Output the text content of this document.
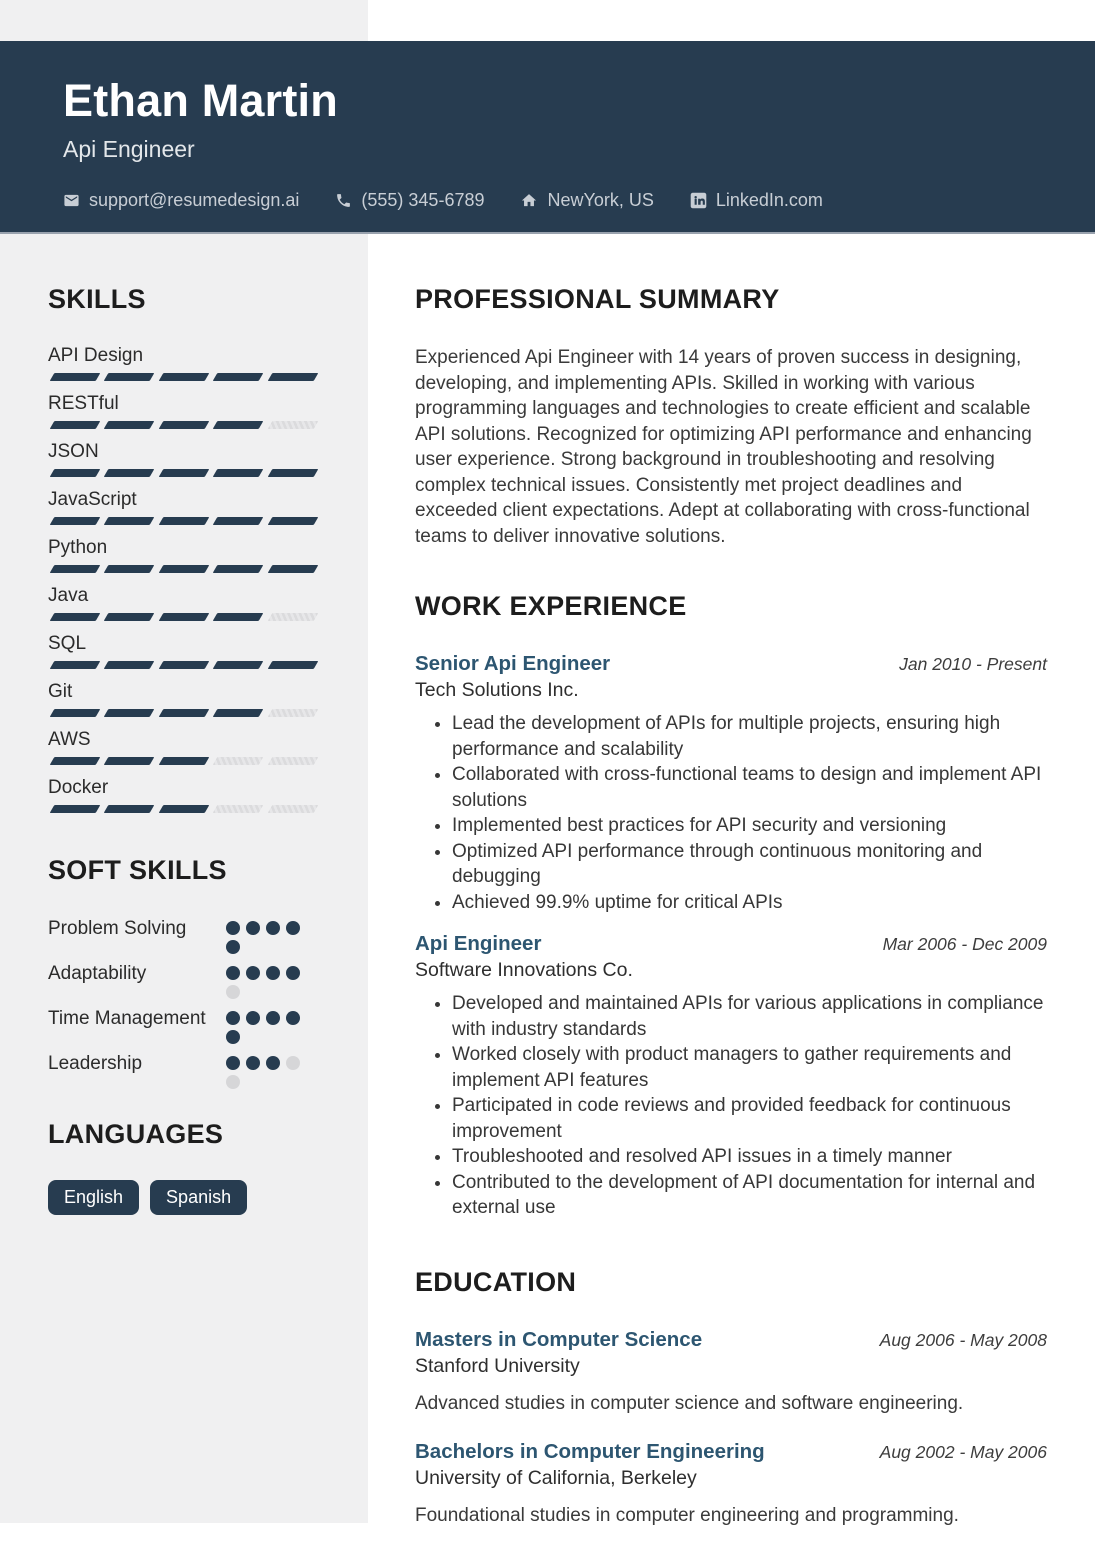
Ethan Martin
Api Engineer
support@resumedesign.ai	(555) 345-6789	NewYork, US	LinkedIn.com
SKILLS
API Design
RESTful
JSON
JavaScript
Python
Java
SQL
Git
AWS
Docker
SOFT SKILLS
Problem Solving
Adaptability
Time Management
Leadership
LANGUAGES
English	Spanish
PROFESSIONAL SUMMARY

Experienced Api Engineer with 14 years of proven success in designing, developing, and implementing APIs. Skilled in working with various programming languages and technologies to create efficient and scalable API solutions. Recognized for optimizing API performance and enhancing user experience. Strong background in troubleshooting and resolving complex technical issues. Consistently met project deadlines and exceeded client expectations. Adept at collaborating with cross-functional teams to deliver innovative solutions.

WORK EXPERIENCE
Senior Api Engineer	Jan 2010 - Present
Tech Solutions Inc.
• Lead the development of APIs for multiple projects, ensuring high performance and scalability
• Collaborated with cross-functional teams to design and implement API solutions
• Implemented best practices for API security and versioning
• Optimized API performance through continuous monitoring and debugging
• Achieved 99.9% uptime for critical APIs
Api Engineer	Mar 2006 - Dec 2009
Software Innovations Co.
• Developed and maintained APIs for various applications in compliance with industry standards
• Worked closely with product managers to gather requirements and implement API features
• Participated in code reviews and provided feedback for continuous improvement
• Troubleshooted and resolved API issues in a timely manner
• Contributed to the development of API documentation for internal and external use
EDUCATION
Masters in Computer Science	Aug 2006 - May 2008
Stanford University

Advanced studies in computer science and software engineering.

Bachelors in Computer Engineering	Aug 2002 - May 2006
University of California, Berkeley

Foundational studies in computer engineering and programming.
